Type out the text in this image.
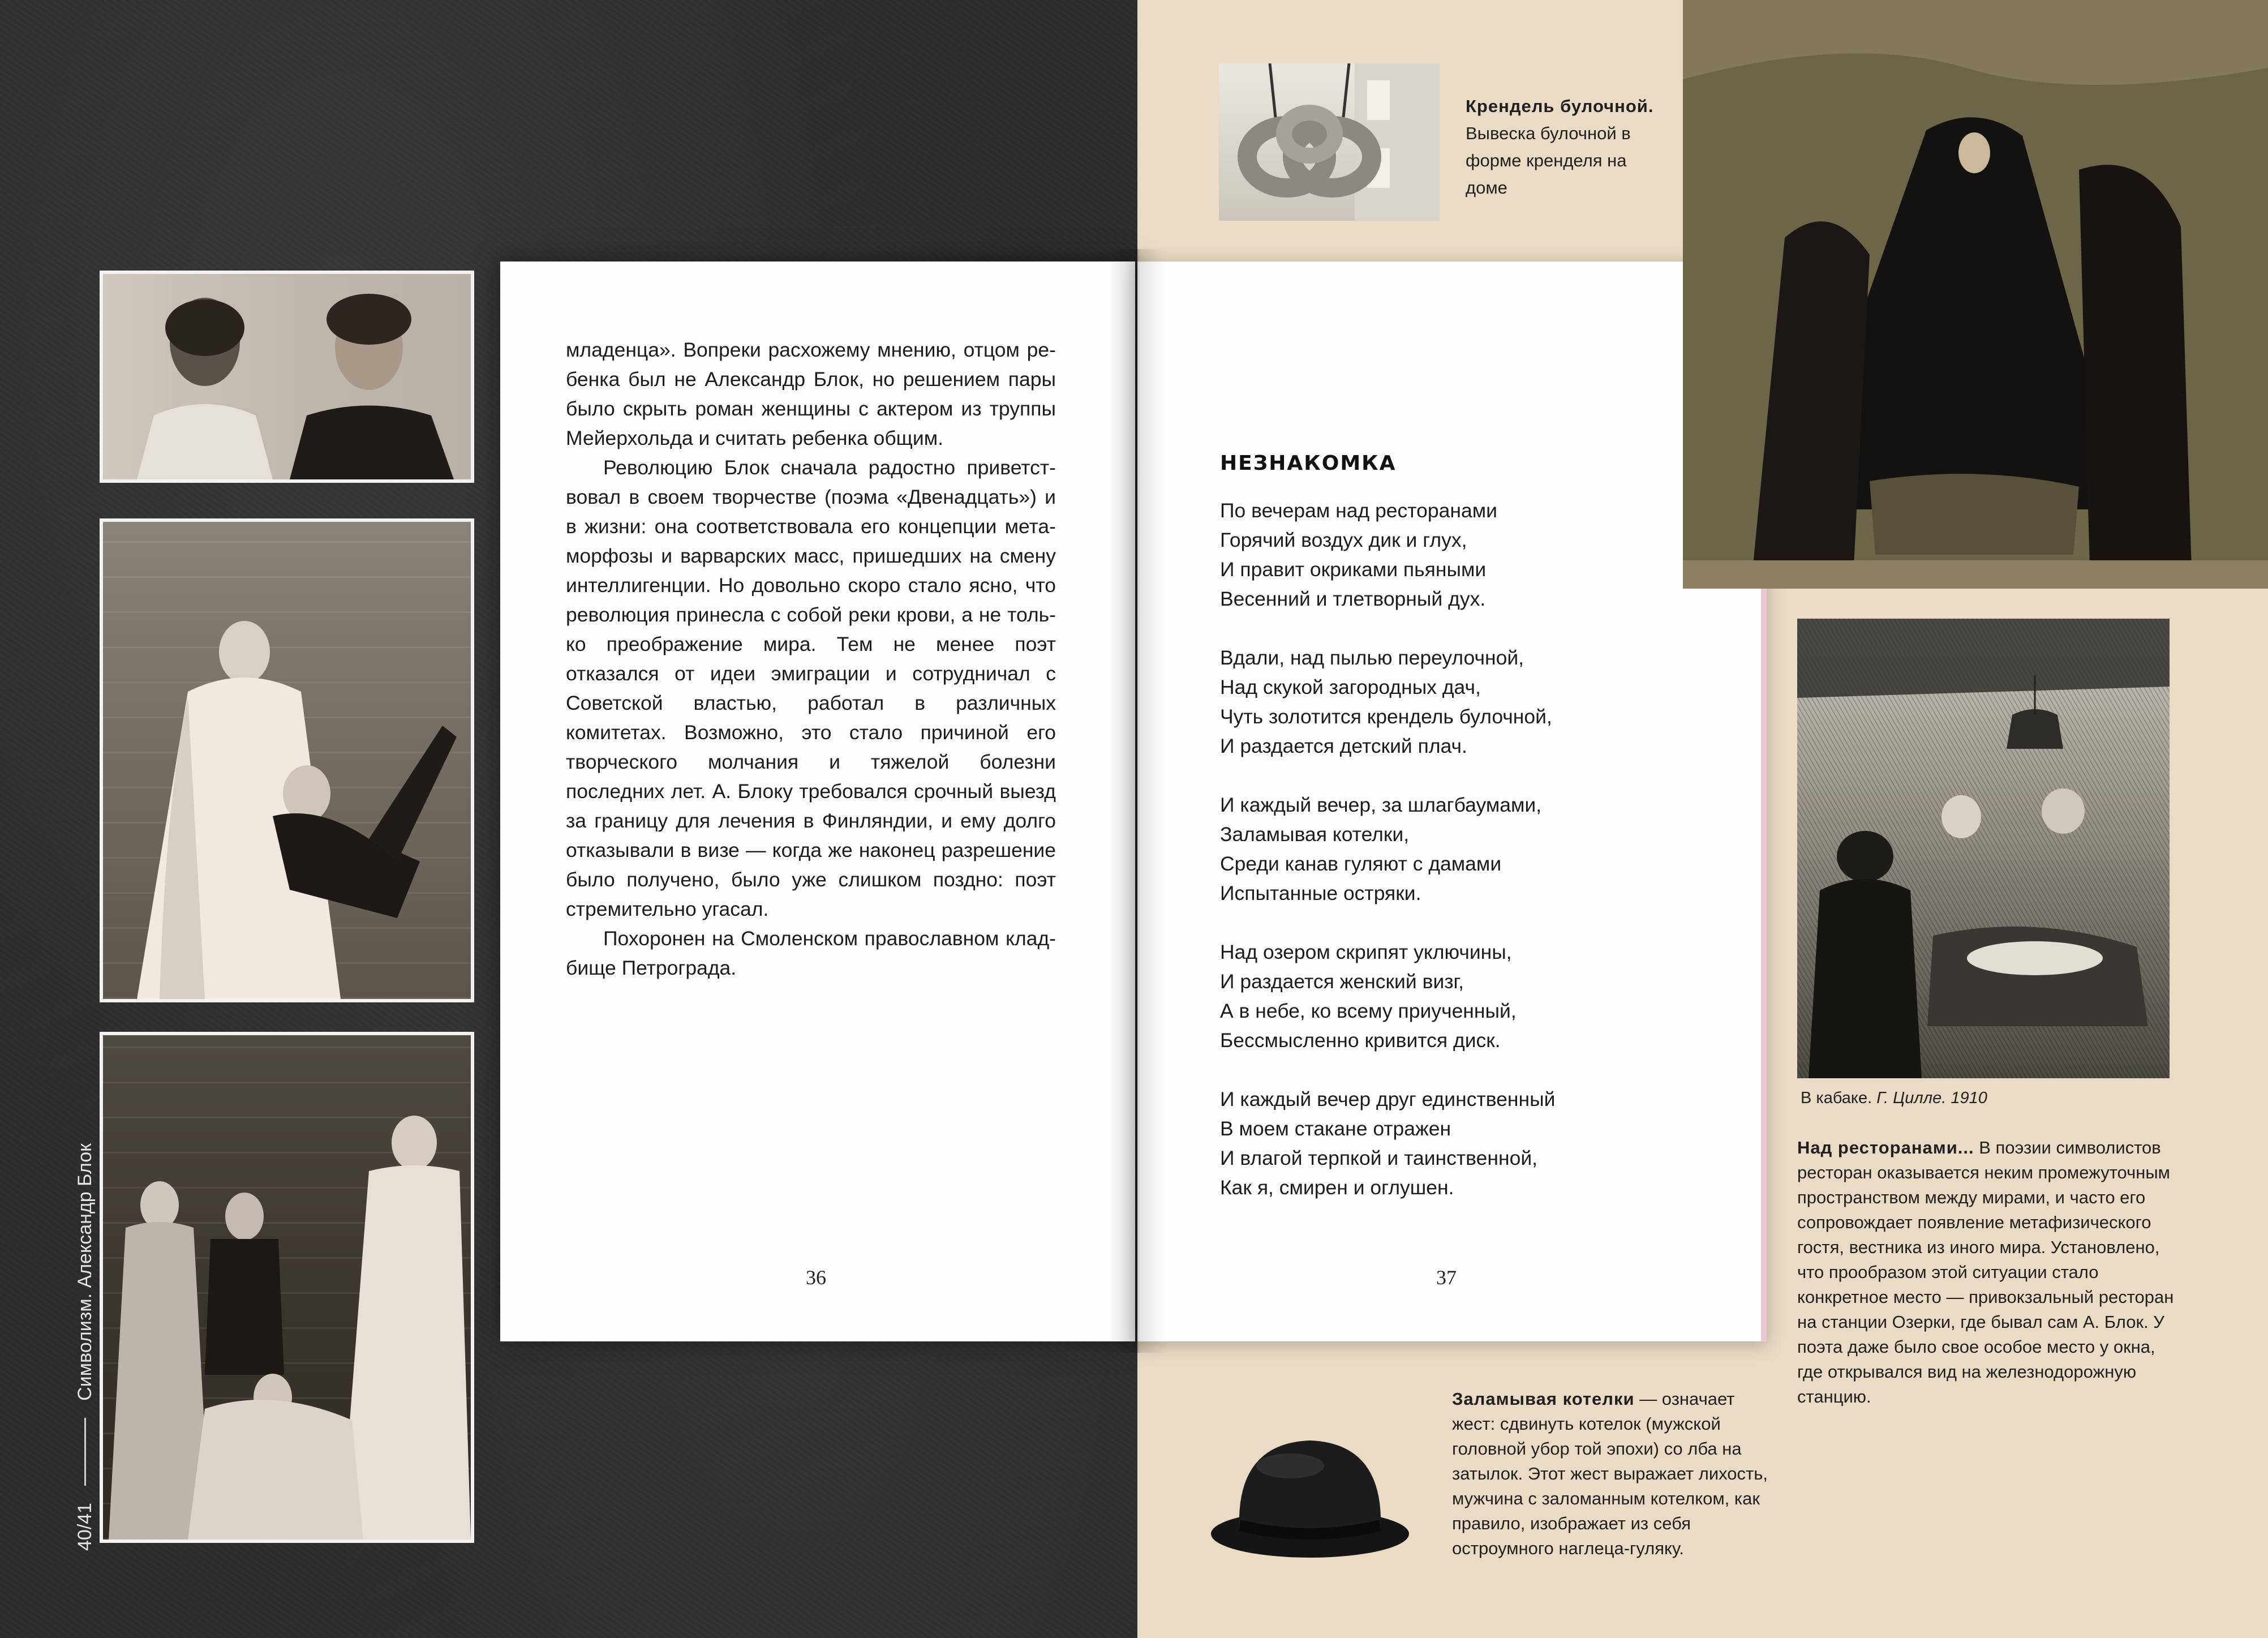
40/41
Символизм. Александр Блок

младенца». Вопреки расхожему мнению, отцом ребенка был не Александр Блок, но решением пары было скрыть роман женщины с актером из труппы Мейерхольда и считать ребенка общим.

Революцию Блок сначала радостно приветствовал в своем творчестве (поэма «Двенадцать») и в жизни: она соответствовала его концепции метаморфозы и варварских масс, пришедших на смену интеллигенции. Но довольно скоро стало ясно, что революция принесла с собой реки крови, а не только преображение мира. Тем не менее поэт отказался от идеи эмиграции и сотрудничал с Советской властью, работал в различных комитетах. Возможно, это стало причиной его творческого молчания и тяжелой болезни последних лет. А. Блоку требовался срочный выезд за границу для лечения в Финляндии, и ему долго отказывали в визе — когда же наконец разрешение было получено, было уже слишком поздно: поэт стремительно угасал.

Похоронен на Смоленском православном кладбище Петрограда.

36
НЕЗНАКОМКА
По вечерам над ресторанами
Горячий воздух дик и глух,
И правит окриками пьяными
Весенний и тлетворный дух.
Вдали, над пылью переулочной,
Над скукой загородных дач,
Чуть золотится крендель булочной,
И раздается детский плач.
И каждый вечер, за шлагбаумами,
Заламывая котелки,
Среди канав гуляют с дамами
Испытанные остряки.
Над озером скрипят уключины,
И раздается женский визг,
А в небе, ко всему приученный,
Бессмысленно кривится диск.
И каждый вечер друг единственный
В моем стакане отражен
И влагой терпкой и таинственной,
Как я, смирен и оглушен.
37
Крендель булочной. Вывеска булочной в форме кренделя на доме
В кабаке. Г. Цилле. 1910
Над ресторанами... В поэзии символистов ресторан оказывается неким промежуточным пространством между мирами, и часто его сопровождает появление метафизического гостя, вестника из иного мира. Установлено, что прообразом этой ситуации стало конкретное место — привокзальный ресторан на станции Озерки, где бывал сам А. Блок. У поэта даже было свое особое место у окна, где открывался вид на железнодорожную станцию.
Заламывая котелки — означает жест: сдвинуть котелок (мужской головной убор той эпохи) со лба на затылок. Этот жест выражает лихость, мужчина с заломанным котелком, как правило, изображает из себя остроумного наглеца-гуляку.
